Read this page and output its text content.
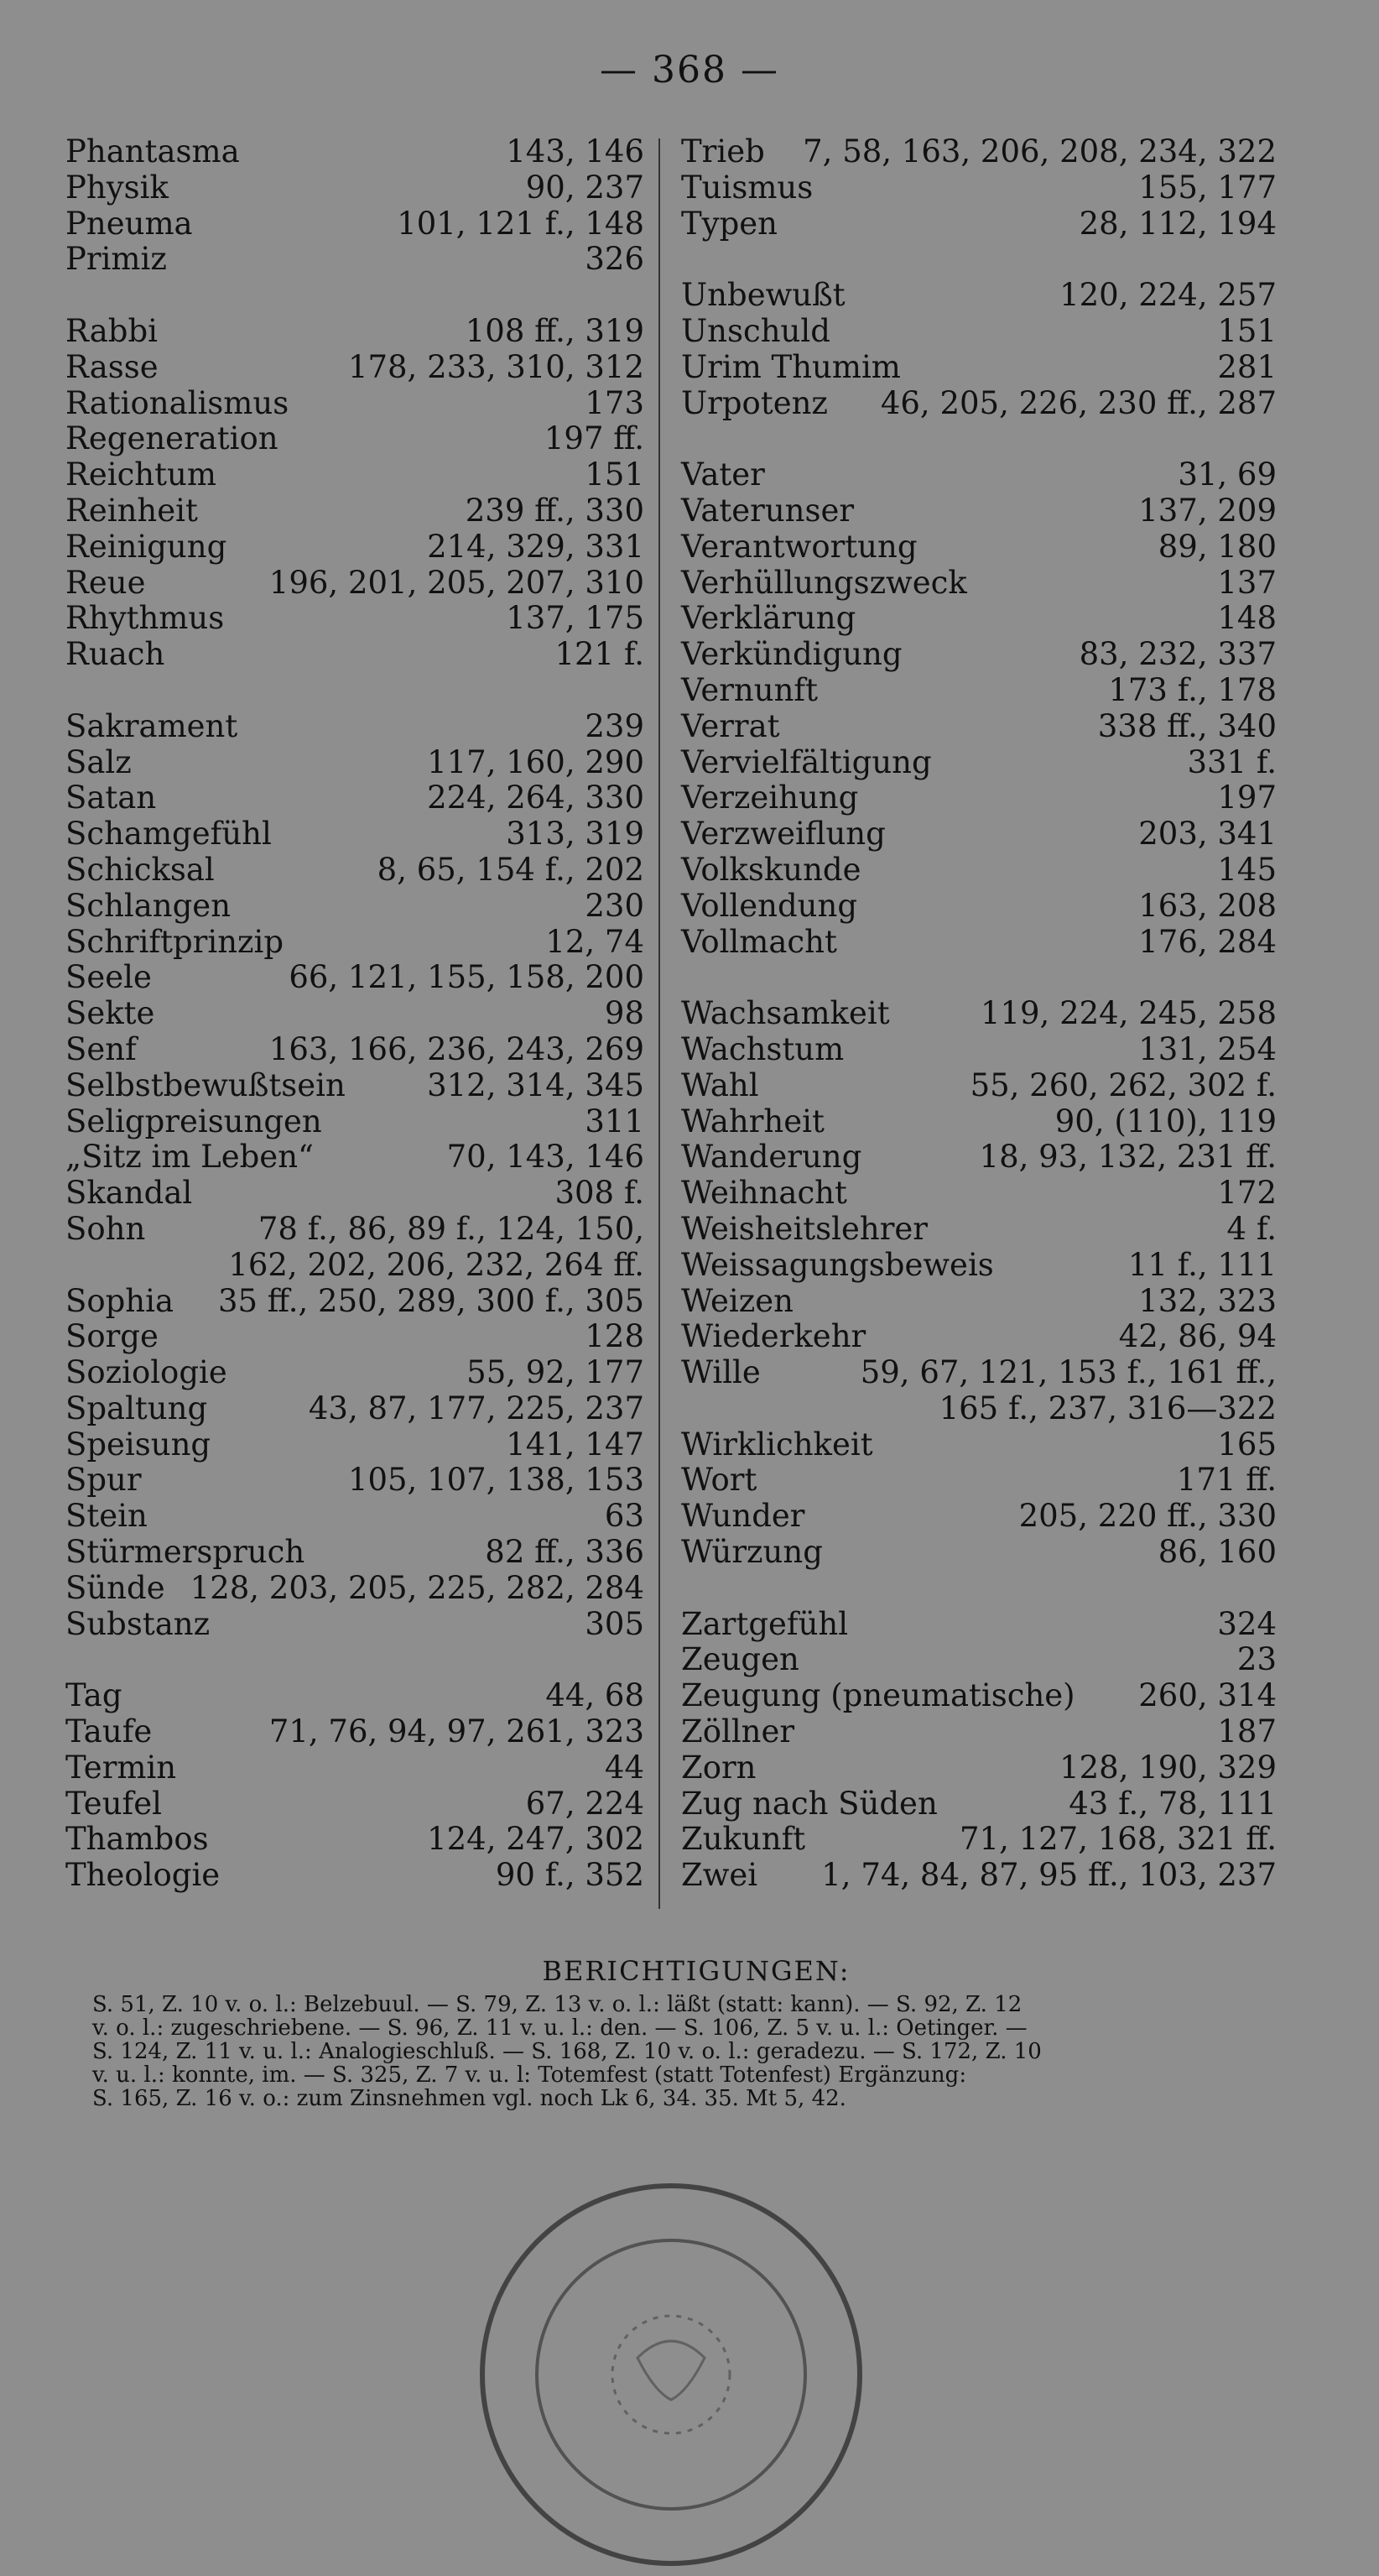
— 368 —
Phantasma	143, 146
Physik	90, 237
Pneuma	101, 121 f., 148
Primiz	326
Rabbi	108 ff., 319
Rasse	178, 233, 310, 312
Rationalismus	173
Regeneration	197 ff.
Reichtum	151
Reinheit	239 ff., 330
Reinigung	214, 329, 331
Reue	196, 201, 205, 207, 310
Rhythmus	137, 175
Ruach	121 f.
Sakrament	239
Salz	117, 160, 290
Satan	224, 264, 330
Schamgefühl	313, 319
Schicksal	8, 65, 154 f., 202
Schlangen	230
Schriftprinzip	12, 74
Seele	66, 121, 155, 158, 200
Sekte	98
Senf	163, 166, 236, 243, 269
Selbstbewußtsein	312, 314, 345
Seligpreisungen	311
„Sitz im Leben“	70, 143, 146
Skandal	308 f.
Sohn	78 f., 86, 89 f., 124, 150,
162, 202, 206, 232, 264 ff.
Sophia 35 ff., 250, 289, 300 f., 305
Sorge	128
Soziologie	55, 92, 177
Spaltung	43, 87, 177, 225, 237
Speisung	141, 147
Spur	105, 107, 138, 153
Stein	63
Stürmerspruch	82 ff., 336
Sünde 128, 203, 205, 225, 282, 284
Substanz	305
Tag	44, 68
Taufe	71, 76, 94, 97, 261, 323
Termin	44
Teufel	67, 224
Thambos	124, 247, 302
Theologie	90 f., 352
Trieb 7, 58, 163, 206, 208, 234, 322
Tuismus	155, 177
Typen	28, 112, 194
Unbewußt	120, 224, 257
Unschuld	151
Urim Thumim	281
Urpotenz 46, 205, 226, 230 ff., 287
Vater	31, 69
Vaterunser	137, 209
Verantwortung	89, 180
Verhüllungszweck	137
Verklärung	148
Verkündigung	83, 232, 337
Vernunft	173 f., 178
Verrat	338 ff., 340
Vervielfältigung	331 f.
Verzeihung	197
Verzweiflung	203, 341
Volkskunde	145
Vollendung	163, 208
Vollmacht	176, 284
Wachsamkeit	119, 224, 245, 258
Wachstum	131, 254
Wahl	55, 260, 262, 302 f.
Wahrheit	90, (110), 119
Wanderung	18, 93, 132, 231 ff.
Weihnacht	172
Weisheitslehrer	4 f.
Weissagungsbeweis	11 f., 111
Weizen	132, 323
Wiederkehr	42, 86, 94
Wille	59, 67, 121, 153 f., 161 ff.,
165 f., 237, 316—322
Wirklichkeit	165
Wort	171 ff.
Wunder	205, 220 ff., 330
Würzung	86, 160
Zartgefühl	324
Zeugen	23
Zeugung (pneumatische) 260, 314
Zöllner	187
Zorn	128, 190, 329
Zug nach Süden	43 f., 78, 111
Zukunft	71, 127, 168, 321 ff.
Zwei 1, 74, 84, 87, 95 ff., 103, 237
BERICHTIGUNGEN:
S. 51, Z. 10 v. o. l.: Belzebuul. — S. 79, Z. 13 v. o. l.: läßt (statt: kann). — S. 92, Z. 12
v. o. l.: zugeschriebene. — S. 96, Z. 11 v. u. l.: den. — S. 106, Z. 5 v. u. l.: Oetinger. —
S. 124, Z. 11 v. u. l.: Analogieschluß. — S. 168, Z. 10 v. o. l.: geradezu. — S. 172, Z. 10
v. u. l.: konnte, im. — S. 325, Z. 7 v. u. l: Totemfest (statt Totenfest) Ergänzung:
S. 165, Z. 16 v. o.: zum Zinsnehmen vgl. noch Lk 6, 34. 35. Mt 5, 42.
